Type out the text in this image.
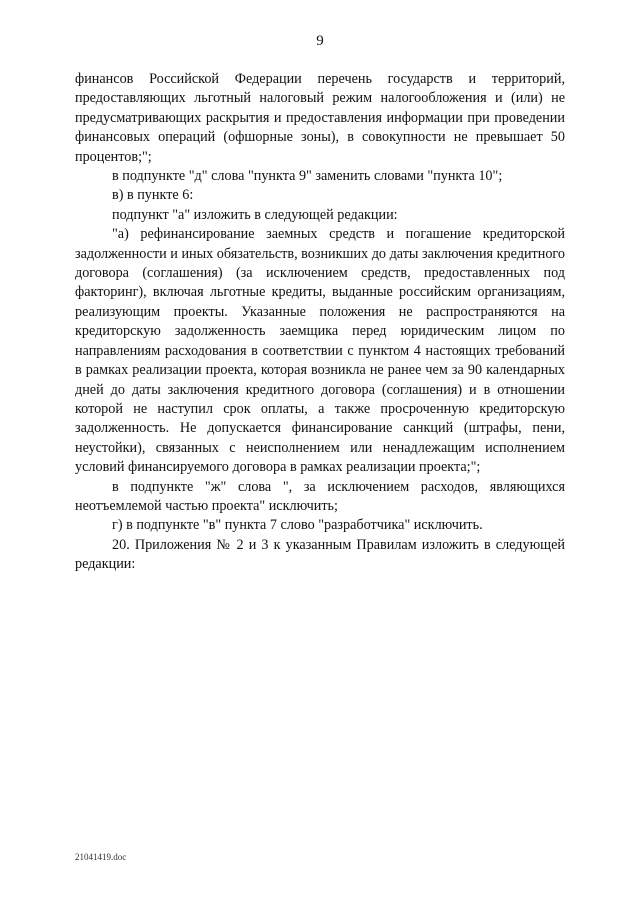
9

финансов Российской Федерации перечень государств и территорий, предоставляющих льготный налоговый режим налогообложения и (или) не предусматривающих раскрытия и предоставления информации при проведении финансовых операций (офшорные зоны), в совокупности не превышает 50 процентов;";

в подпункте "д" слова "пункта 9" заменить словами "пункта 10";

в) в пункте 6:

подпункт "а" изложить в следующей редакции:

"а) рефинансирование заемных средств и погашение кредиторской задолженности и иных обязательств, возникших до даты заключения кредитного договора (соглашения) (за исключением средств, предоставленных под факторинг), включая льготные кредиты, выданные российским организациям, реализующим проекты. Указанные положения не распространяются на кредиторскую задолженность заемщика перед юридическим лицом по направлениям расходования в соответствии с пунктом 4 настоящих требований в рамках реализации проекта, которая возникла не ранее чем за 90 календарных дней до даты заключения кредитного договора (соглашения) и в отношении которой не наступил срок оплаты, а также просроченную кредиторскую задолженность. Не допускается финансирование санкций (штрафы, пени, неустойки), связанных с неисполнением или ненадлежащим исполнением условий финансируемого договора в рамках реализации проекта;";

в подпункте "ж" слова ", за исключением расходов, являющихся неотъемлемой частью проекта" исключить;

г) в подпункте "в" пункта 7 слово "разработчика" исключить.

20. Приложения № 2 и 3 к указанным Правилам изложить в следующей редакции:

21041419.doc
